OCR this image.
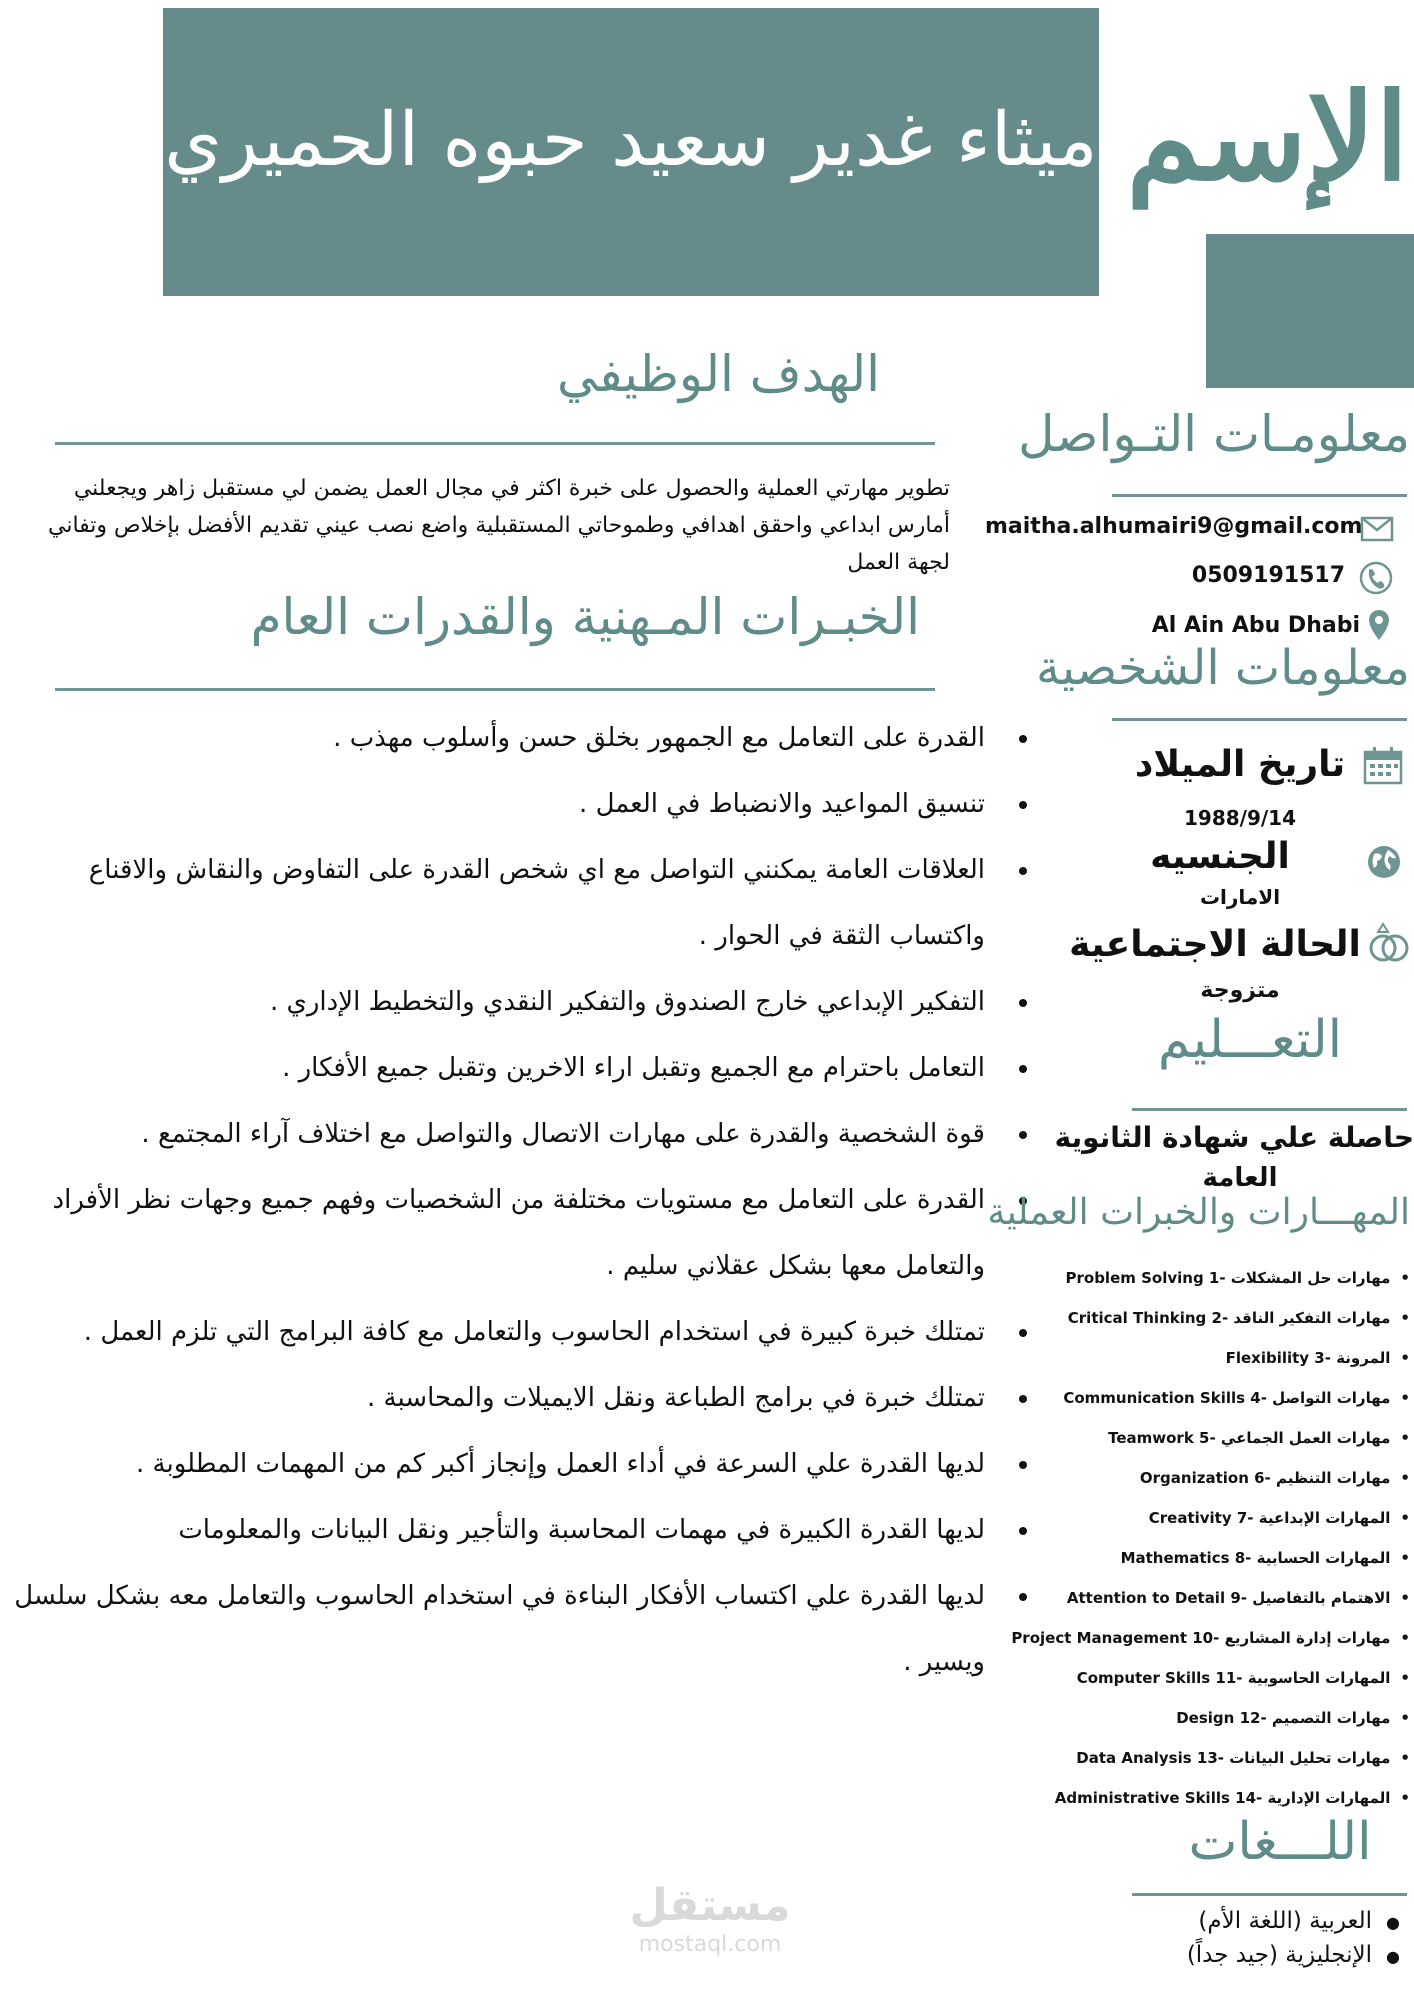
ميثاء غدير سعيد حبوه الحميري الإسم
الهدف الوظيفي
تطوير مهارتي العملية والحصول على خبرة اكثر في مجال العمل يضمن لي مستقبل زاهر ويجعلني أمارس ابداعي واحقق اهدافي وطموحاتي المستقبلية واضع نصب عيني تقديم الأفضل بإخلاص وتفاني لجهة العمل
الخبـرات المـهنية والقدرات العام
• القدرة على التعامل مع الجمهور بخلق حسن وأسلوب مهذب .
• تنسيق المواعيد والانضباط في العمل .
• العلاقات العامة يمكنني التواصل مع اي شخص القدرة على التفاوض والنقاش والاقناع واكتساب الثقة في الحوار .
• التفكير الإبداعي خارج الصندوق والتفكير النقدي والتخطيط الإداري .
• التعامل باحترام مع الجميع وتقبل اراء الاخرين وتقبل جميع الأفكار .
• قوة الشخصية والقدرة على مهارات الاتصال والتواصل مع اختلاف آراء المجتمع .
• القدرة على التعامل مع مستويات مختلفة من الشخصيات وفهم جميع وجهات نظر الأفراد والتعامل معها بشكل عقلاني سليم .
• تمتلك خبرة كبيرة في استخدام الحاسوب والتعامل مع كافة البرامج التي تلزم العمل .
• تمتلك خبرة في برامج الطباعة ونقل الايميلات والمحاسبة .
• لديها القدرة علي السرعة في أداء العمل وإنجاز أكبر كم من المهمات المطلوبة .
• لديها القدرة الكبيرة في مهمات المحاسبة والتأجير ونقل البيانات والمعلومات
• لديها القدرة علي اكتساب الأفكار البناءة في استخدام الحاسوب والتعامل معه بشكل سلسل ويسير .
معلومـات التـواصل
maitha.alhumairi9@gmail.com
0509191517
Al Ain Abu Dhabi
معلومات الشخصية
تاريخ الميلاد
1988/9/14
الجنسيه
الامارات
الحالة الاجتماعية
متزوجة
التعـــليم
حاصلة علي شهادة الثانوية
العامة
المهـــارات والخبرات العملية
Problem Solving 1- مهارات حل المشكلات •
Critical Thinking 2- مهارات التفكير الناقد •
Flexibility 3- المرونة •
Communication Skills 4- مهارات التواصل •
Teamwork 5- مهارات العمل الجماعي •
Organization 6- مهارات التنظيم •
Creativity 7- المهارات الإبداعية •
Mathematics 8- المهارات الحسابية •
Attention to Detail 9- الاهتمام بالتفاصيل •
Project Management 10- مهارات إدارة المشاريع •
Computer Skills 11- المهارات الحاسوبية •
Design 12- مهارات التصميم •
Data Analysis 13- مهارات تحليل البيانات •
Administrative Skills 14- المهارات الإدارية •
اللـــغات
● العربية (اللغة الأم)
● الإنجليزية (جيد جداً)
مستقل
mostaql.com
